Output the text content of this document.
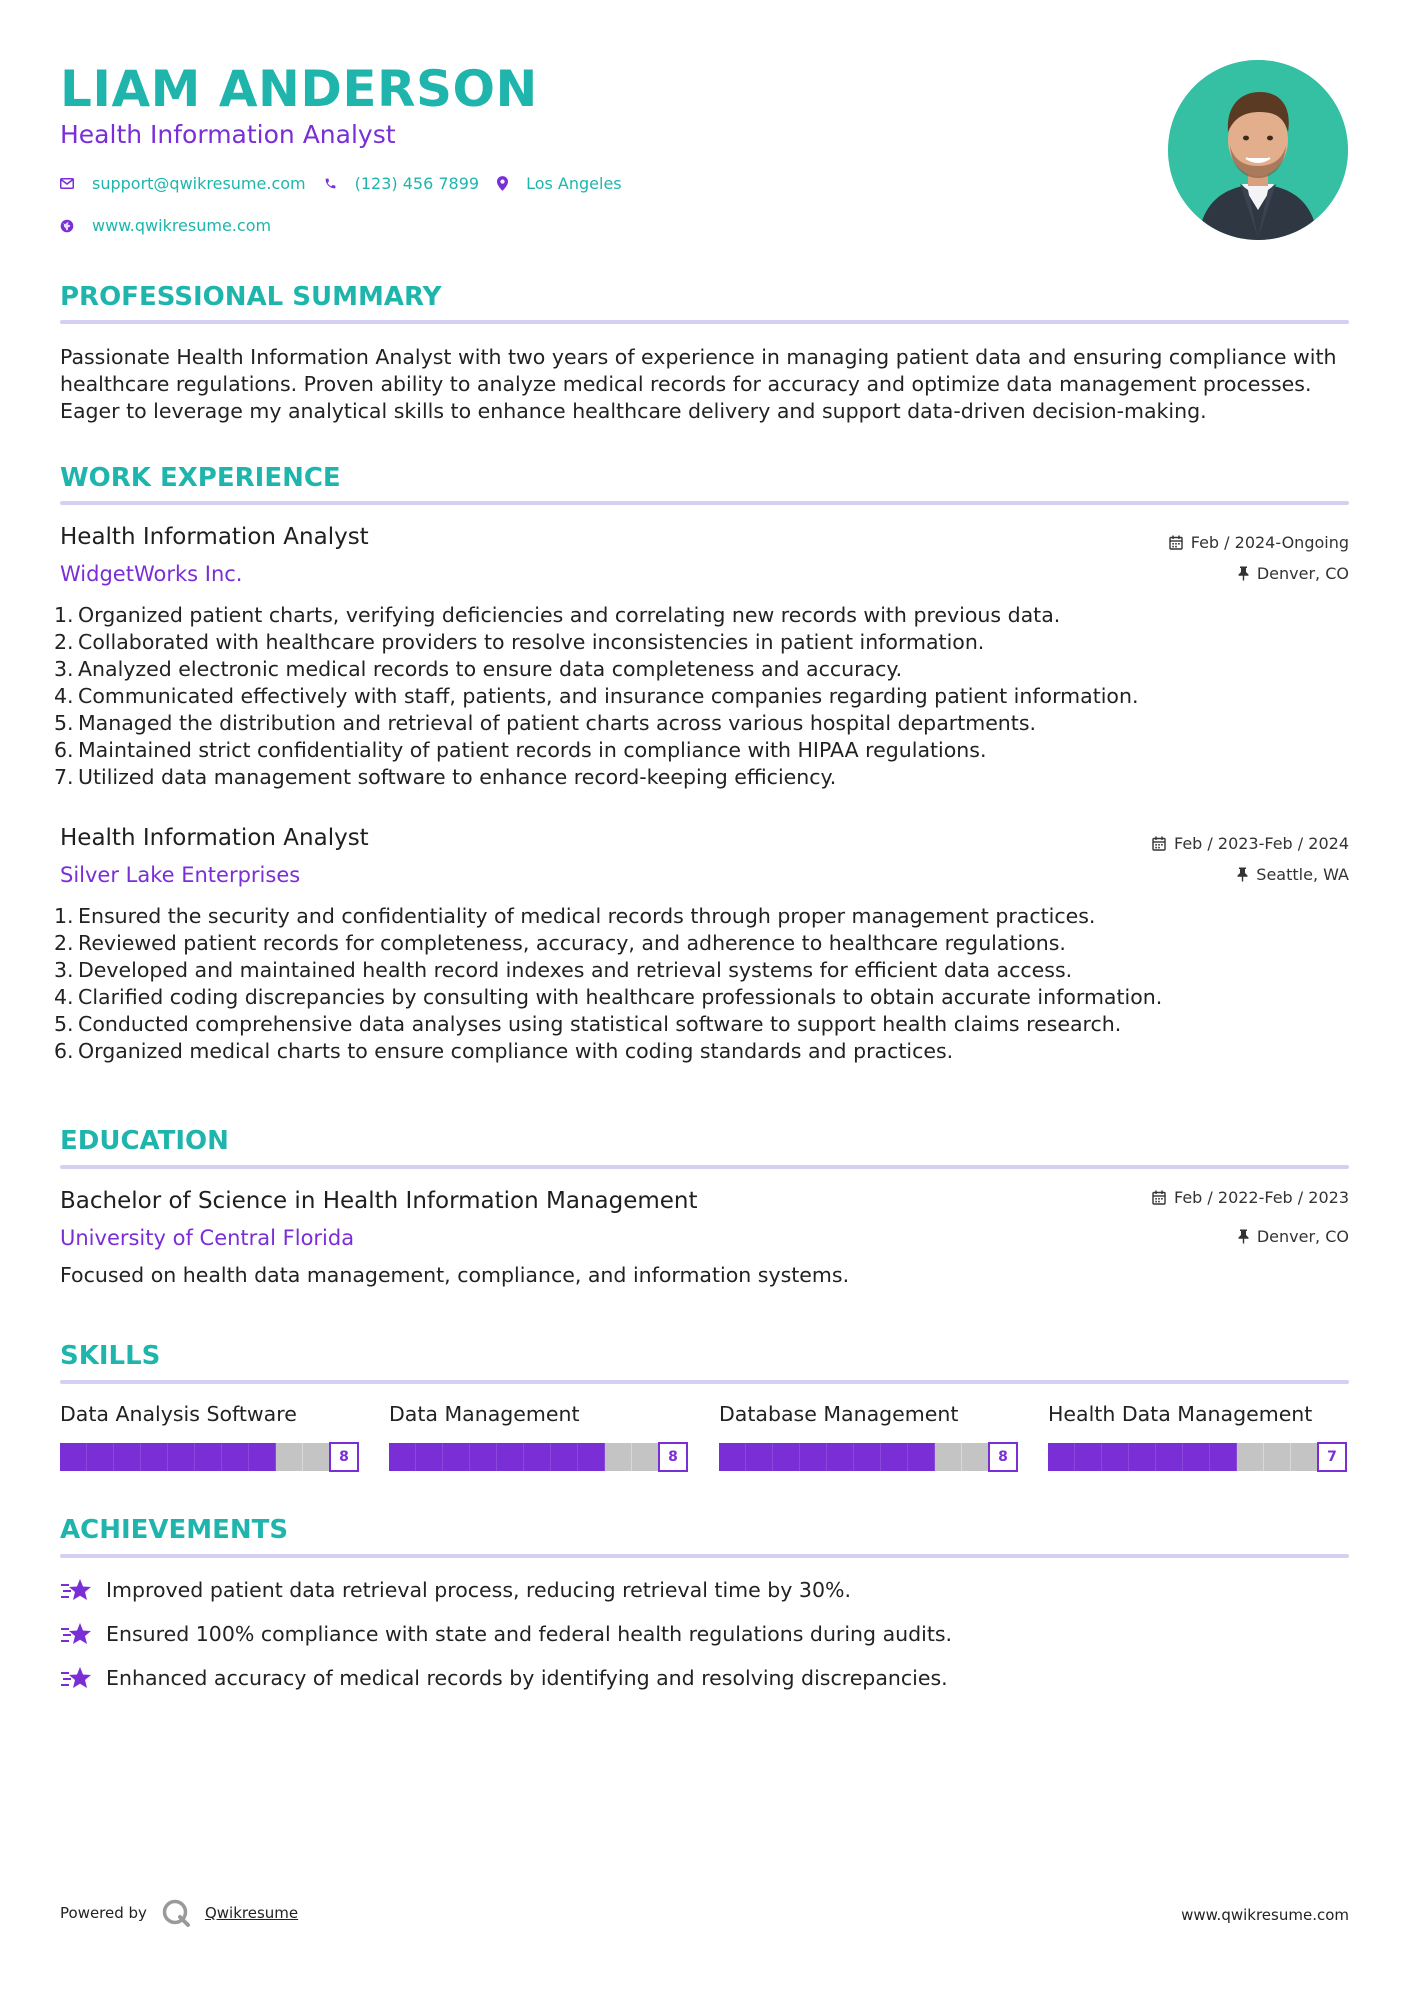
LIAM ANDERSON
Health Information Analyst
support@qwikresume.com	(123) 456 7899	Los Angeles
www.qwikresume.com
PROFESSIONAL SUMMARY
Passionate Health Information Analyst with two years of experience in managing patient data and ensuring compliance with healthcare regulations. Proven ability to analyze medical records for accuracy and optimize data management processes. Eager to leverage my analytical skills to enhance healthcare delivery and support data-driven decision-making.
WORK EXPERIENCE
Health Information Analyst
WidgetWorks Inc.
Feb / 2024-Ongoing
Denver, CO
1. Organized patient charts, verifying deficiencies and correlating new records with previous data.
2. Collaborated with healthcare providers to resolve inconsistencies in patient information.
3. Analyzed electronic medical records to ensure data completeness and accuracy.
4. Communicated effectively with staff, patients, and insurance companies regarding patient information.
5. Managed the distribution and retrieval of patient charts across various hospital departments.
6. Maintained strict confidentiality of patient records in compliance with HIPAA regulations.
7. Utilized data management software to enhance record-keeping efficiency.
Health Information Analyst
Silver Lake Enterprises
Feb / 2023-Feb / 2024
Seattle, WA
1. Ensured the security and confidentiality of medical records through proper management practices.
2. Reviewed patient records for completeness, accuracy, and adherence to healthcare regulations.
3. Developed and maintained health record indexes and retrieval systems for efficient data access.
4. Clarified coding discrepancies by consulting with healthcare professionals to obtain accurate information.
5. Conducted comprehensive data analyses using statistical software to support health claims research.
6. Organized medical charts to ensure compliance with coding standards and practices.
EDUCATION
Bachelor of Science in Health Information Management
University of Central Florida
Feb / 2022-Feb / 2023
Denver, CO
Focused on health data management, compliance, and information systems.
SKILLS
Data Analysis Software
8
Data Management
8
Database Management
8
Health Data Management
7
ACHIEVEMENTS
Improved patient data retrieval process, reducing retrieval time by 30%.
Ensured 100% compliance with state and federal health regulations during audits.
Enhanced accuracy of medical records by identifying and resolving discrepancies.
Powered by	Qwikresume	www.qwikresume.com
